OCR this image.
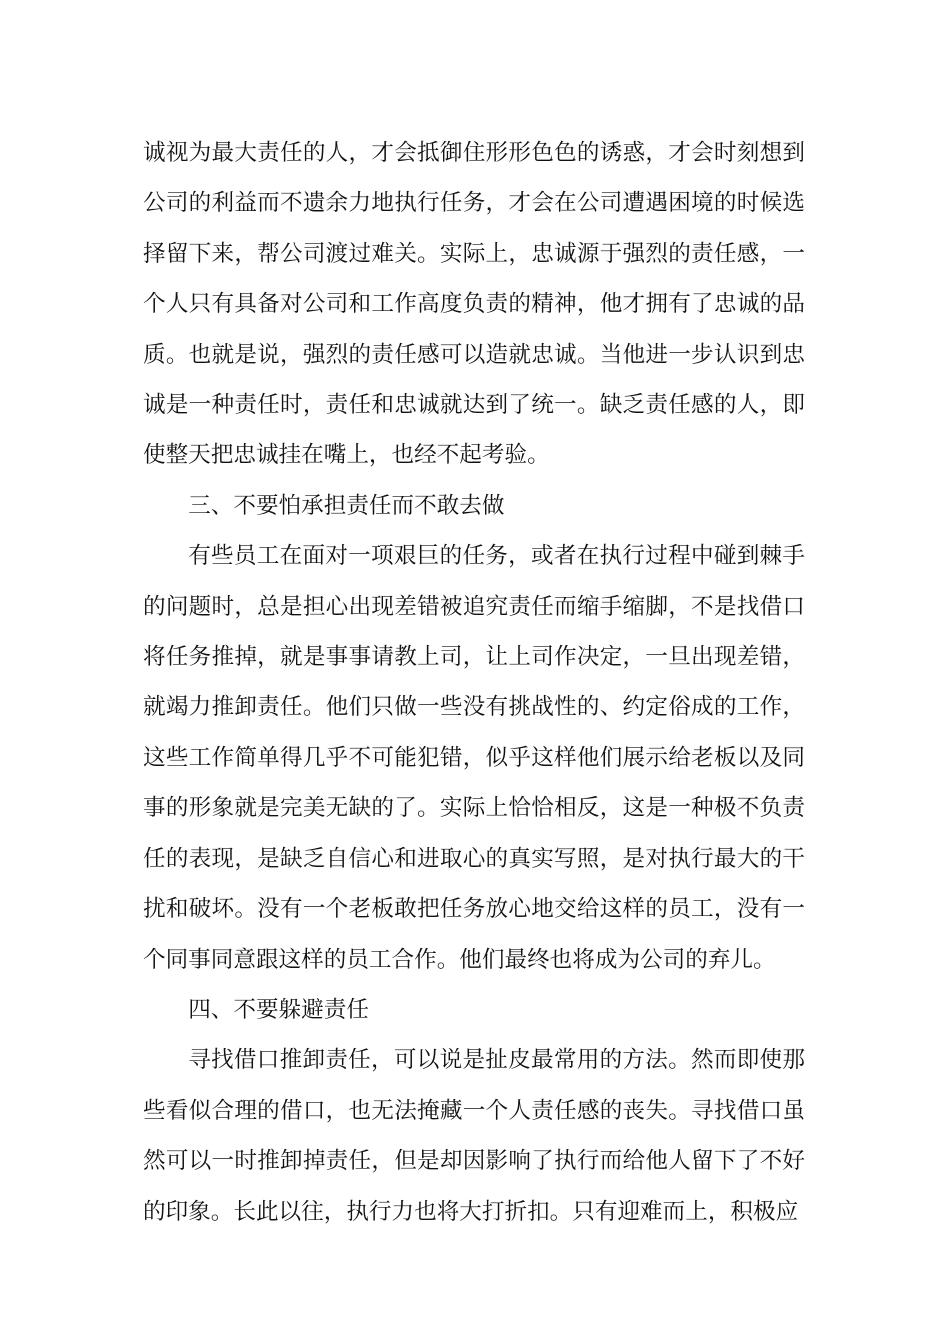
诚视为最大责任的人，才会抵御住形形色色的诱惑，才会时刻想到公司的利益而不遗余力地执行任务，才会在公司遭遇困境的时候选择留下来，帮公司渡过难关。实际上，忠诚源于强烈的责任感，一个人只有具备对公司和工作高度负责的精神，他才拥有了忠诚的品质。也就是说，强烈的责任感可以造就忠诚。当他进一步认识到忠诚是一种责任时，责任和忠诚就达到了统一。缺乏责任感的人，即使整天把忠诚挂在嘴上，也经不起考验。

三、不要怕承担责任而不敢去做

有些员工在面对一项艰巨的任务，或者在执行过程中碰到棘手的问题时，总是担心出现差错被追究责任而缩手缩脚，不是找借口将任务推掉，就是事事请教上司，让上司作决定，一旦出现差错，就竭力推卸责任。他们只做一些没有挑战性的、约定俗成的工作，这些工作简单得几乎不可能犯错，似乎这样他们展示给老板以及同事的形象就是完美无缺的了。实际上恰恰相反，这是一种极不负责任的表现，是缺乏自信心和进取心的真实写照，是对执行最大的干扰和破坏。没有一个老板敢把任务放心地交给这样的员工，没有一个同事同意跟这样的员工合作。他们最终也将成为公司的弃儿。

四、不要躲避责任

寻找借口推卸责任，可以说是扯皮最常用的方法。然而即使那些看似合理的借口，也无法掩藏一个人责任感的丧失。寻找借口虽然可以一时推卸掉责任，但是却因影响了执行而给他人留下了不好的印象。长此以往，执行力也将大打折扣。只有迎难而上，积极应
